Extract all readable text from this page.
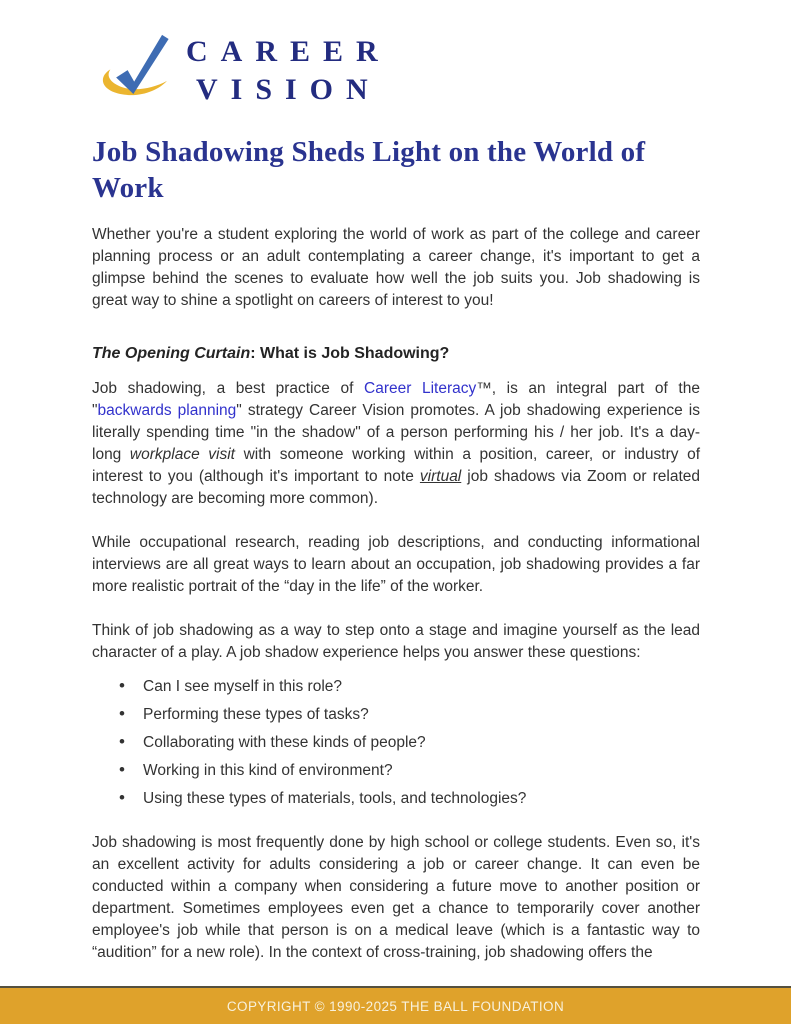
CAREER
VISION
Job Shadowing Sheds Light on the World of Work

Whether you're a student exploring the world of work as part of the college and career planning process or an adult contemplating a career change, it's important to get a glimpse behind the scenes to evaluate how well the job suits you. Job shadowing is great way to shine a spotlight on careers of interest to you!

The Opening Curtain: What is Job Shadowing?

Job shadowing, a best practice of Career Literacy™, is an integral part of the "backwards planning" strategy Career Vision promotes. A job shadowing experience is literally spending time "in the shadow" of a person performing his / her job. It's a day-long workplace visit with someone working within a position, career, or industry of interest to you (although it's important to note virtual job shadows via Zoom or related technology are becoming more common).

While occupational research, reading job descriptions, and conducting informational interviews are all great ways to learn about an occupation, job shadowing provides a far more realistic portrait of the “day in the life” of the worker.

Think of job shadowing as a way to step onto a stage and imagine yourself as the lead character of a play. A job shadow experience helps you answer these questions:

• Can I see myself in this role?
• Performing these types of tasks?
• Collaborating with these kinds of people?
• Working in this kind of environment?
• Using these types of materials, tools, and technologies?

Job shadowing is most frequently done by high school or college students. Even so, it's an excellent activity for adults considering a job or career change. It can even be conducted within a company when considering a future move to another position or department. Sometimes employees even get a chance to temporarily cover another employee's job while that person is on a medical leave (which is a fantastic way to “audition” for a new role). In the context of cross-training, job shadowing offers the

COPYRIGHT © 1990-2025 THE BALL FOUNDATION
